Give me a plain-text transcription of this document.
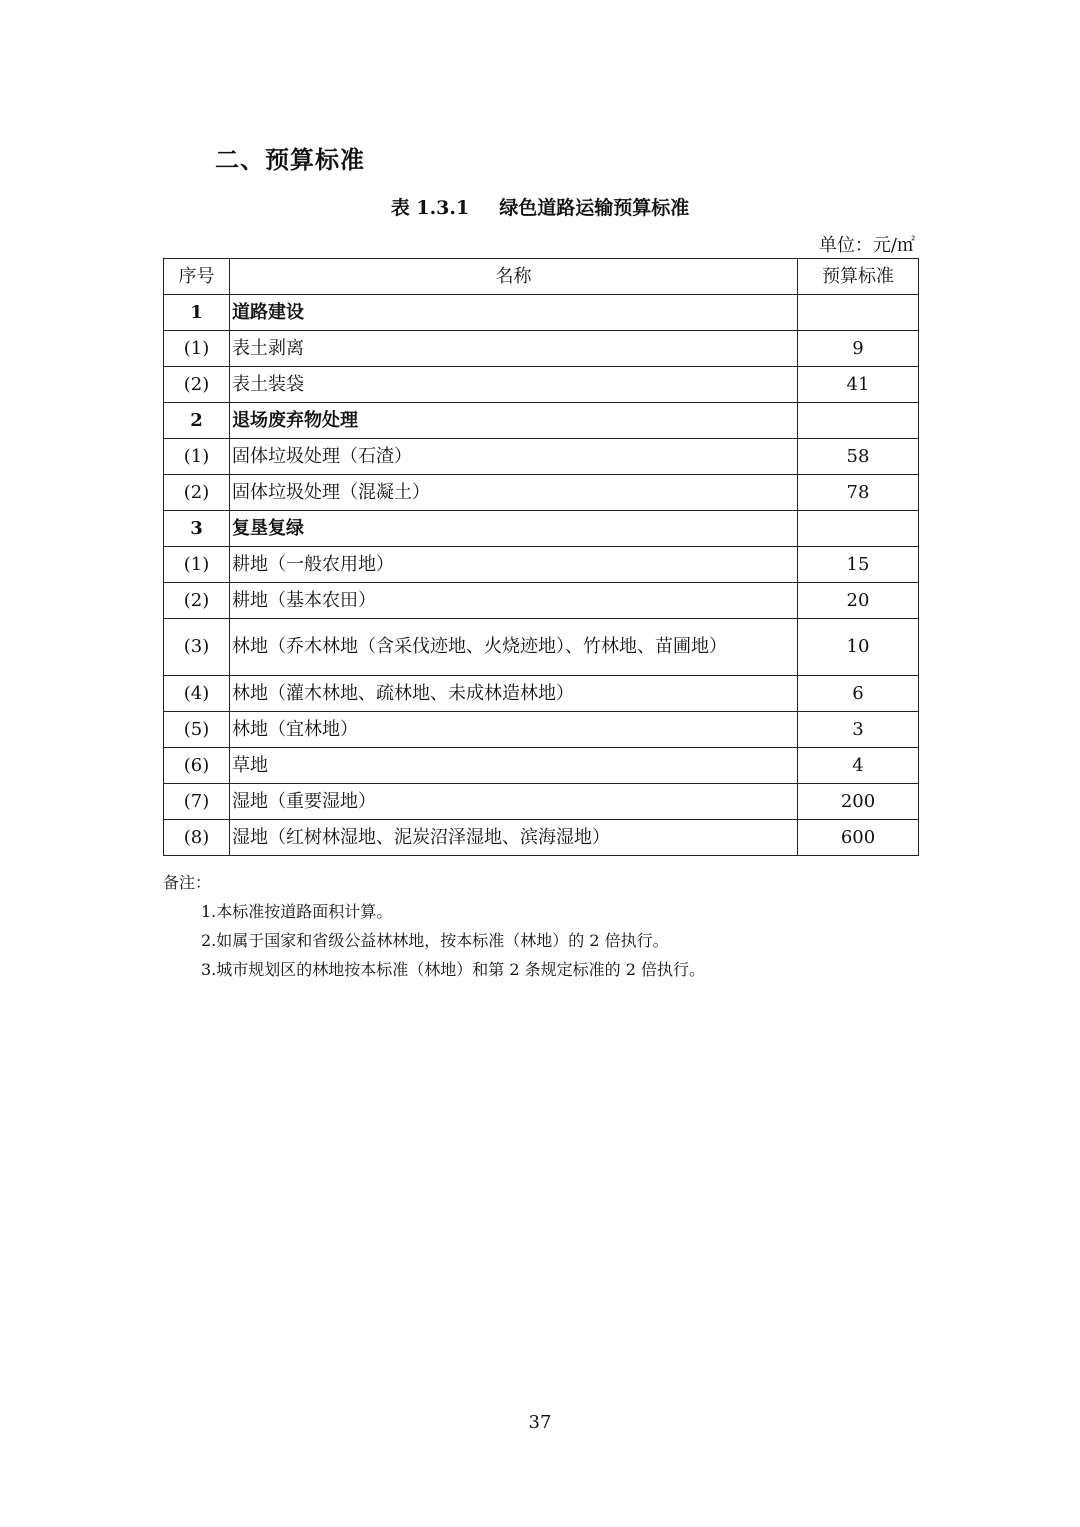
二、预算标准
表 1.3.1 绿色道路运输预算标准
单位：元/㎡
序号	名称	预算标准
1	道路建设	
(1)	表土剥离	9
(2)	表土装袋	41
2	退场废弃物处理	
(1)	固体垃圾处理（石渣）	58
(2)	固体垃圾处理（混凝土）	78
3	复垦复绿	
(1)	耕地（一般农用地）	15
(2)	耕地（基本农田）	20
(3)	林地（乔木林地（含采伐迹地、火烧迹地）、竹林地、苗圃地）	10
(4)	林地（灌木林地、疏林地、未成林造林地）	6
(5)	林地（宜林地）	3
(6)	草地	4
(7)	湿地（重要湿地）	200
(8)	湿地（红树林湿地、泥炭沼泽湿地、滨海湿地）	600
备注：
1.本标准按道路面积计算。
2.如属于国家和省级公益林林地，按本标准（林地）的 2 倍执行。
3.城市规划区的林地按本标准（林地）和第 2 条规定标准的 2 倍执行。
37
